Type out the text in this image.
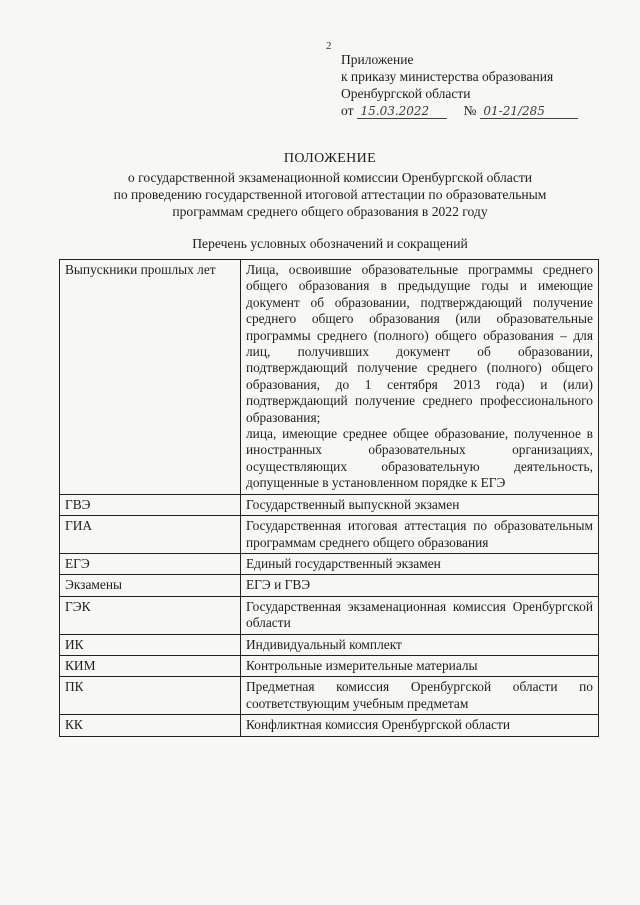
2
Приложение
к приказу министерства образования
Оренбургской области
от 15.03.2022	№ 01-21/285
ПОЛОЖЕНИЕ
о государственной экзаменационной комиссии Оренбургской области
по проведению государственной итоговой аттестации по образовательным
программам среднего общего образования в 2022 году
Перечень условных обозначений и сокращений
Выпускники прошлых лет	Лица, освоившие образовательные программы среднего общего образования в предыдущие годы и имеющие документ об образовании, подтверждающий получение среднего общего образования (или образовательные программы среднего (полного) общего образования – для лиц, получивших документ об образовании, подтверждающий получение среднего (полного) общего образования, до 1 сентября 2013 года) и (или) подтверждающий получение среднего профессионального образования;
лица, имеющие среднее общее образование, полученное в иностранных образовательных организациях, осуществляющих образовательную деятельность, допущенные в установленном порядке к ЕГЭ

ГВЭ	Государственный выпускной экзамен

ГИА	Государственная итоговая аттестация по образовательным программам среднего общего образования

ЕГЭ	Единый государственный экзамен

Экзамены	ЕГЭ и ГВЭ

ГЭК	Государственная экзаменационная комиссия Оренбургской области

ИК	Индивидуальный комплект

КИМ	Контрольные измерительные материалы

ПК	Предметная комиссия Оренбургской области по соответствующим учебным предметам

КК	Конфликтная комиссия Оренбургской области
